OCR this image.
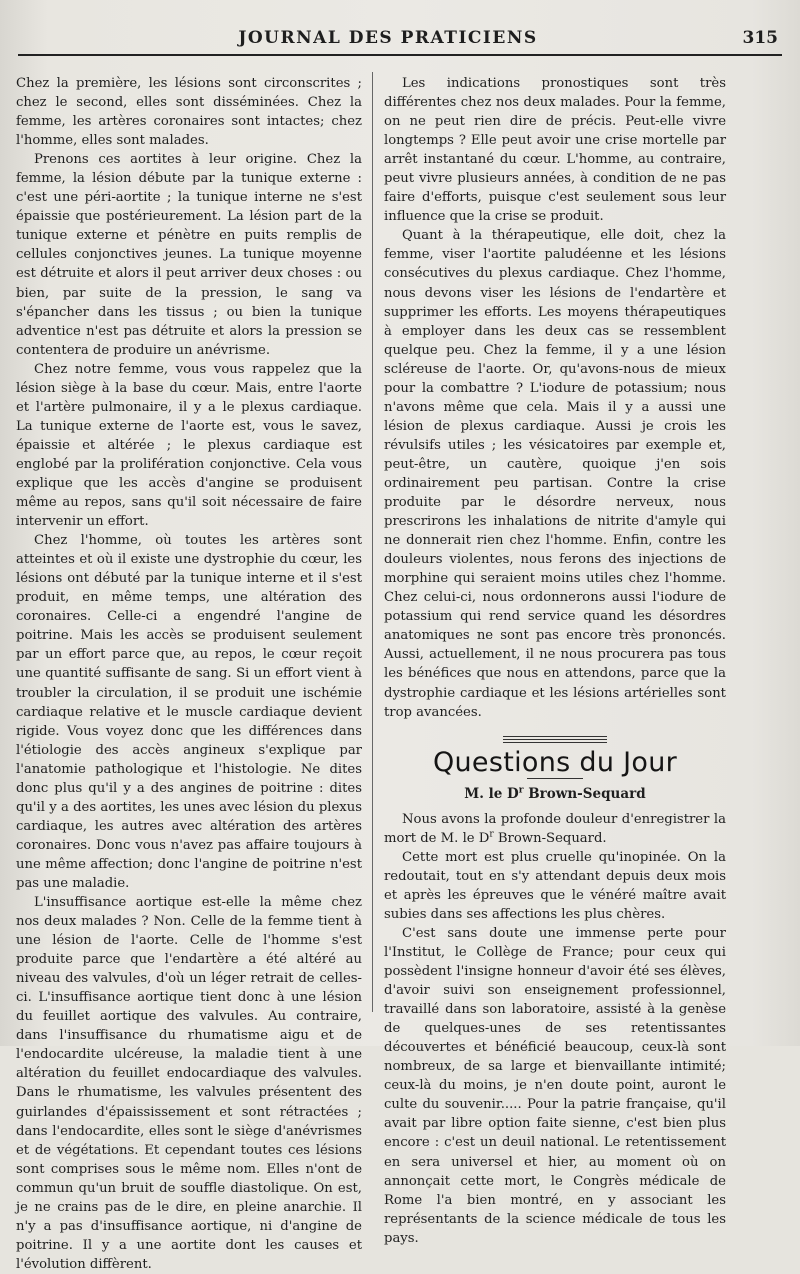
JOURNAL DES PRATICIENS	315

Chez la première, les lésions sont circonscrites ; chez le second, elles sont disséminées. Chez la femme, les artères coronaires sont intactes; chez l'homme, elles sont malades.

Prenons ces aortites à leur origine. Chez la femme, la lésion débute par la tunique externe : c'est une péri-aortite ; la tunique interne ne s'est épaissie que postérieurement. La lésion part de la tunique externe et pénètre en puits remplis de cellules conjonctives jeunes. La tunique moyenne est détruite et alors il peut arriver deux choses : ou bien, par suite de la pression, le sang va s'épancher dans les tissus ; ou bien la tunique adventice n'est pas détruite et alors la pression se contentera de produire un anévrisme.

Chez notre femme, vous vous rappelez que la lésion siège à la base du cœur. Mais, entre l'aorte et l'artère pulmonaire, il y a le plexus cardiaque. La tunique externe de l'aorte est, vous le savez, épaissie et altérée ; le plexus cardiaque est englobé par la prolifération conjonctive. Cela vous explique que les accès d'angine se produisent même au repos, sans qu'il soit nécessaire de faire intervenir un effort.

Chez l'homme, où toutes les artères sont atteintes et où il existe une dystrophie du cœur, les lésions ont débuté par la tunique interne et il s'est produit, en même temps, une altération des coronaires. Celle-ci a engendré l'angine de poitrine. Mais les accès se produisent seulement par un effort parce que, au repos, le cœur reçoit une quantité suffisante de sang. Si un effort vient à troubler la circulation, il se produit une ischémie cardiaque relative et le muscle cardiaque devient rigide. Vous voyez donc que les différences dans l'étiologie des accès angineux s'explique par l'anatomie pathologique et l'histologie. Ne dites donc plus qu'il y a des angines de poitrine : dites qu'il y a des aortites, les unes avec lésion du plexus cardiaque, les autres avec altération des artères coronaires. Donc vous n'avez pas affaire toujours à une même affection; donc l'angine de poitrine n'est pas une maladie.

L'insuffisance aortique est-elle la même chez nos deux malades ? Non. Celle de la femme tient à une lésion de l'aorte. Celle de l'homme s'est produite parce que l'endartère a été altéré au niveau des valvules, d'où un léger retrait de celles-ci. L'insuffisance aortique tient donc à une lésion du feuillet aortique des valvules. Au contraire, dans l'insuffisance du rhumatisme aigu et de l'endocardite ulcéreuse, la maladie tient à une altération du feuillet endocardiaque des valvules. Dans le rhumatisme, les valvules présentent des guirlandes d'épaississement et sont rétractées ; dans l'endocardite, elles sont le siège d'anévrismes et de végétations. Et cependant toutes ces lésions sont comprises sous le même nom. Elles n'ont de commun qu'un bruit de souffle diastolique. On est, je ne crains pas de le dire, en pleine anarchie. Il n'y a pas d'insuffisance aortique, ni d'angine de poitrine. Il y a une aortite dont les causes et l'évolution diffèrent.

Les indications pronostiques sont très différentes chez nos deux malades. Pour la femme, on ne peut rien dire de précis. Peut-elle vivre longtemps ? Elle peut avoir une crise mortelle par arrêt instantané du cœur. L'homme, au contraire, peut vivre plusieurs années, à condition de ne pas faire d'efforts, puisque c'est seulement sous leur influence que la crise se produit.

Quant à la thérapeutique, elle doit, chez la femme, viser l'aortite paludéenne et les lésions consécutives du plexus cardiaque. Chez l'homme, nous devons viser les lésions de l'endartère et supprimer les efforts. Les moyens thérapeutiques à employer dans les deux cas se ressemblent quelque peu. Chez la femme, il y a une lésion scléreuse de l'aorte. Or, qu'avons-nous de mieux pour la combattre ? L'iodure de potassium; nous n'avons même que cela. Mais il y a aussi une lésion de plexus cardiaque. Aussi je crois les révulsifs utiles ; les vésicatoires par exemple et, peut-être, un cautère, quoique j'en sois ordinairement peu partisan. Contre la crise produite par le désordre nerveux, nous prescrirons les inhalations de nitrite d'amyle qui ne donnerait rien chez l'homme. Enfin, contre les douleurs violentes, nous ferons des injections de morphine qui seraient moins utiles chez l'homme. Chez celui-ci, nous ordonnerons aussi l'iodure de potassium qui rend service quand les désordres anatomiques ne sont pas encore très prononcés. Aussi, actuellement, il ne nous procurera pas tous les bénéfices que nous en attendons, parce que la dystrophie cardiaque et les lésions artérielles sont trop avancées.

Questions du Jour
M. le $D^r$ Brown-Sequard

Nous avons la profonde douleur d'enregistrer la mort de M. le $D^r$ Brown-Sequard.

Cette mort est plus cruelle qu'inopinée. On la redoutait, tout en s'y attendant depuis deux mois et après les épreuves que le vénéré maître avait subies dans ses affections les plus chères.

C'est sans doute une immense perte pour l'Institut, le Collège de France; pour ceux qui possèdent l'insigne honneur d'avoir été ses élèves, d'avoir suivi son enseignement professionnel, travaillé dans son laboratoire, assisté à la genèse de quelques-unes de ses retentissantes découvertes et bénéficié beaucoup, ceux-là sont nombreux, de sa large et bienvaillante intimité; ceux-là du moins, je n'en doute point, auront le culte du souvenir..... Pour la patrie française, qu'il avait par libre option faite sienne, c'est bien plus encore : c'est un deuil national. Le retentissement en sera universel et hier, au moment où on annonçait cette mort, le Congrès médicale de Rome l'a bien montré, en y associant les représentants de la science médicale de tous les pays.
